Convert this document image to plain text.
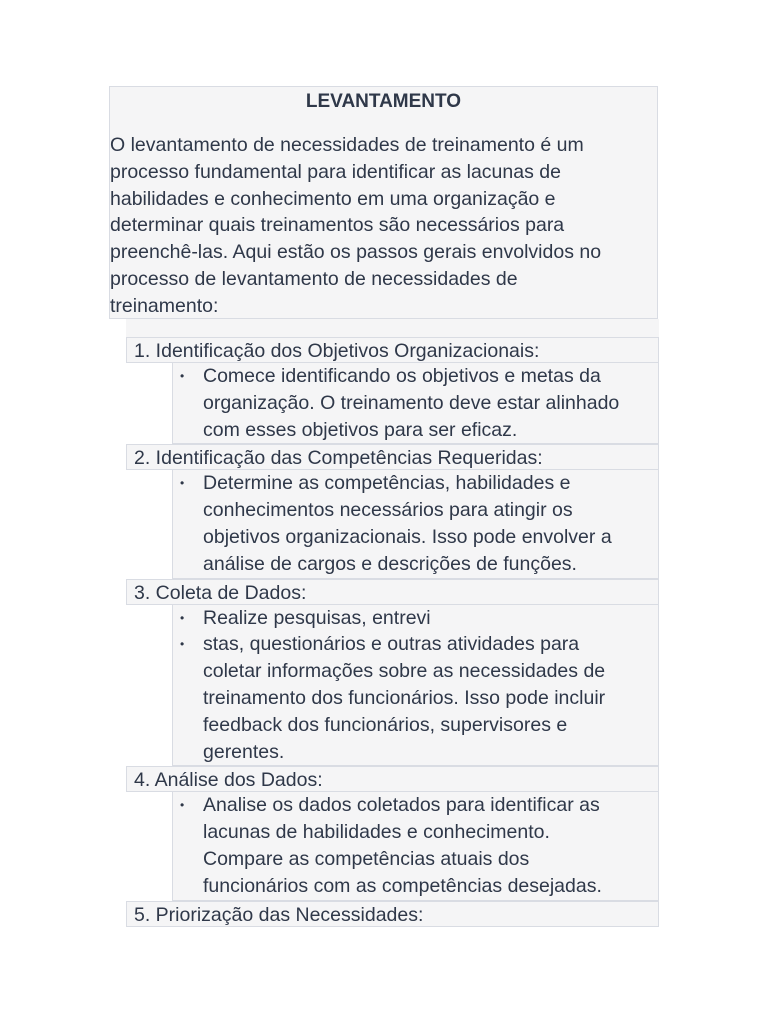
LEVANTAMENTO

O levantamento de necessidades de treinamento é um
processo fundamental para identificar as lacunas de
habilidades e conhecimento em uma organização e
determinar quais treinamentos são necessários para
preenchê-las. Aqui estão os passos gerais envolvidos no
processo de levantamento de necessidades de
treinamento:

1. Identificação dos Objetivos Organizacionais:
• Comece identificando os objetivos e metas da
organização. O treinamento deve estar alinhado
com esses objetivos para ser eficaz.
2. Identificação das Competências Requeridas:
• Determine as competências, habilidades e
conhecimentos necessários para atingir os
objetivos organizacionais. Isso pode envolver a
análise de cargos e descrições de funções.
3. Coleta de Dados:
• Realize pesquisas, entrevi
• stas, questionários e outras atividades para
coletar informações sobre as necessidades de
treinamento dos funcionários. Isso pode incluir
feedback dos funcionários, supervisores e
gerentes.
4. Análise dos Dados:
• Analise os dados coletados para identificar as
lacunas de habilidades e conhecimento.
Compare as competências atuais dos
funcionários com as competências desejadas.
5. Priorização das Necessidades:
